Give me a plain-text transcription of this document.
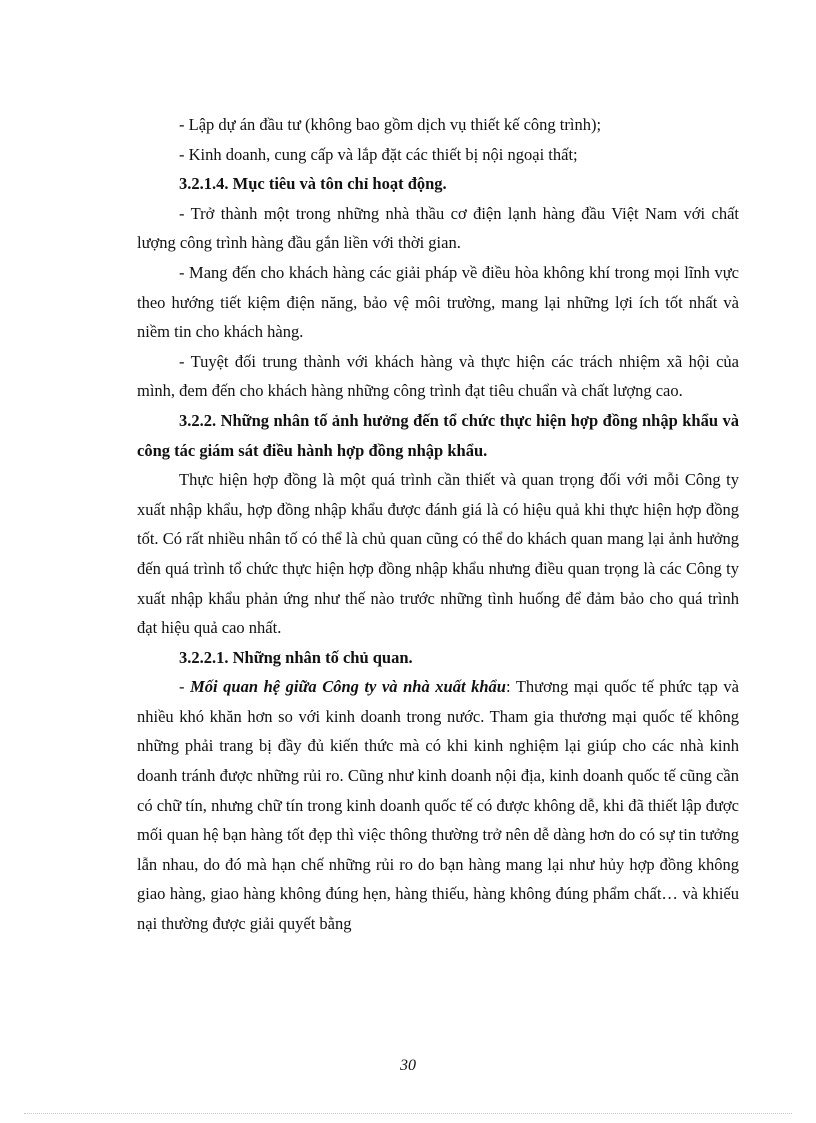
- Lập dự án đầu tư (không bao gồm dịch vụ thiết kế công trình);

- Kinh doanh, cung cấp và lắp đặt các thiết bị nội ngoại thất;

3.2.1.4. Mục tiêu và tôn chỉ hoạt động.

- Trở thành một trong những nhà thầu cơ điện lạnh hàng đầu Việt Nam với chất lượng công trình hàng đầu gắn liền với thời gian.

- Mang đến cho khách hàng các giải pháp về điều hòa không khí trong mọi lĩnh vực theo hướng tiết kiệm điện năng, bảo vệ môi trường, mang lại những lợi ích tốt nhất và niềm tin cho khách hàng.

- Tuyệt đối trung thành với khách hàng và thực hiện các trách nhiệm xã hội của mình, đem đến cho khách hàng những công trình đạt tiêu chuẩn và chất lượng cao.

3.2.2. Những nhân tố ảnh hưởng đến tổ chức thực hiện hợp đồng nhập khẩu và công tác giám sát điều hành hợp đồng nhập khẩu.

Thực hiện hợp đồng là một quá trình cần thiết và quan trọng đối với mỗi Công ty xuất nhập khẩu, hợp đồng nhập khẩu được đánh giá là có hiệu quả khi thực hiện hợp đồng tốt. Có rất nhiều nhân tố có thể là chủ quan cũng có thể do khách quan mang lại ảnh hưởng đến quá trình tổ chức thực hiện hợp đồng nhập khẩu nhưng điều quan trọng là các Công ty xuất nhập khẩu phản ứng như thế nào trước những tình huống để đảm bảo cho quá trình đạt hiệu quả cao nhất.

3.2.2.1. Những nhân tố chủ quan.

- Mối quan hệ giữa Công ty và nhà xuất khẩu: Thương mại quốc tế phức tạp và nhiều khó khăn hơn so với kinh doanh trong nước. Tham gia thương mại quốc tế không những phải trang bị đầy đủ kiến thức mà có khi kinh nghiệm lại giúp cho các nhà kinh doanh tránh được những rủi ro. Cũng như kinh doanh nội địa, kinh doanh quốc tế cũng cần có chữ tín, nhưng chữ tín trong kinh doanh quốc tế có được không dễ, khi đã thiết lập được mối quan hệ bạn hàng tốt đẹp thì việc thông thường trở nên dễ dàng hơn do có sự tin tưởng lẫn nhau, do đó mà hạn chế những rủi ro do bạn hàng mang lại như hủy hợp đồng không giao hàng, giao hàng không đúng hẹn, hàng thiếu, hàng không đúng phẩm chất… và khiếu nại thường được giải quyết bằng

30
